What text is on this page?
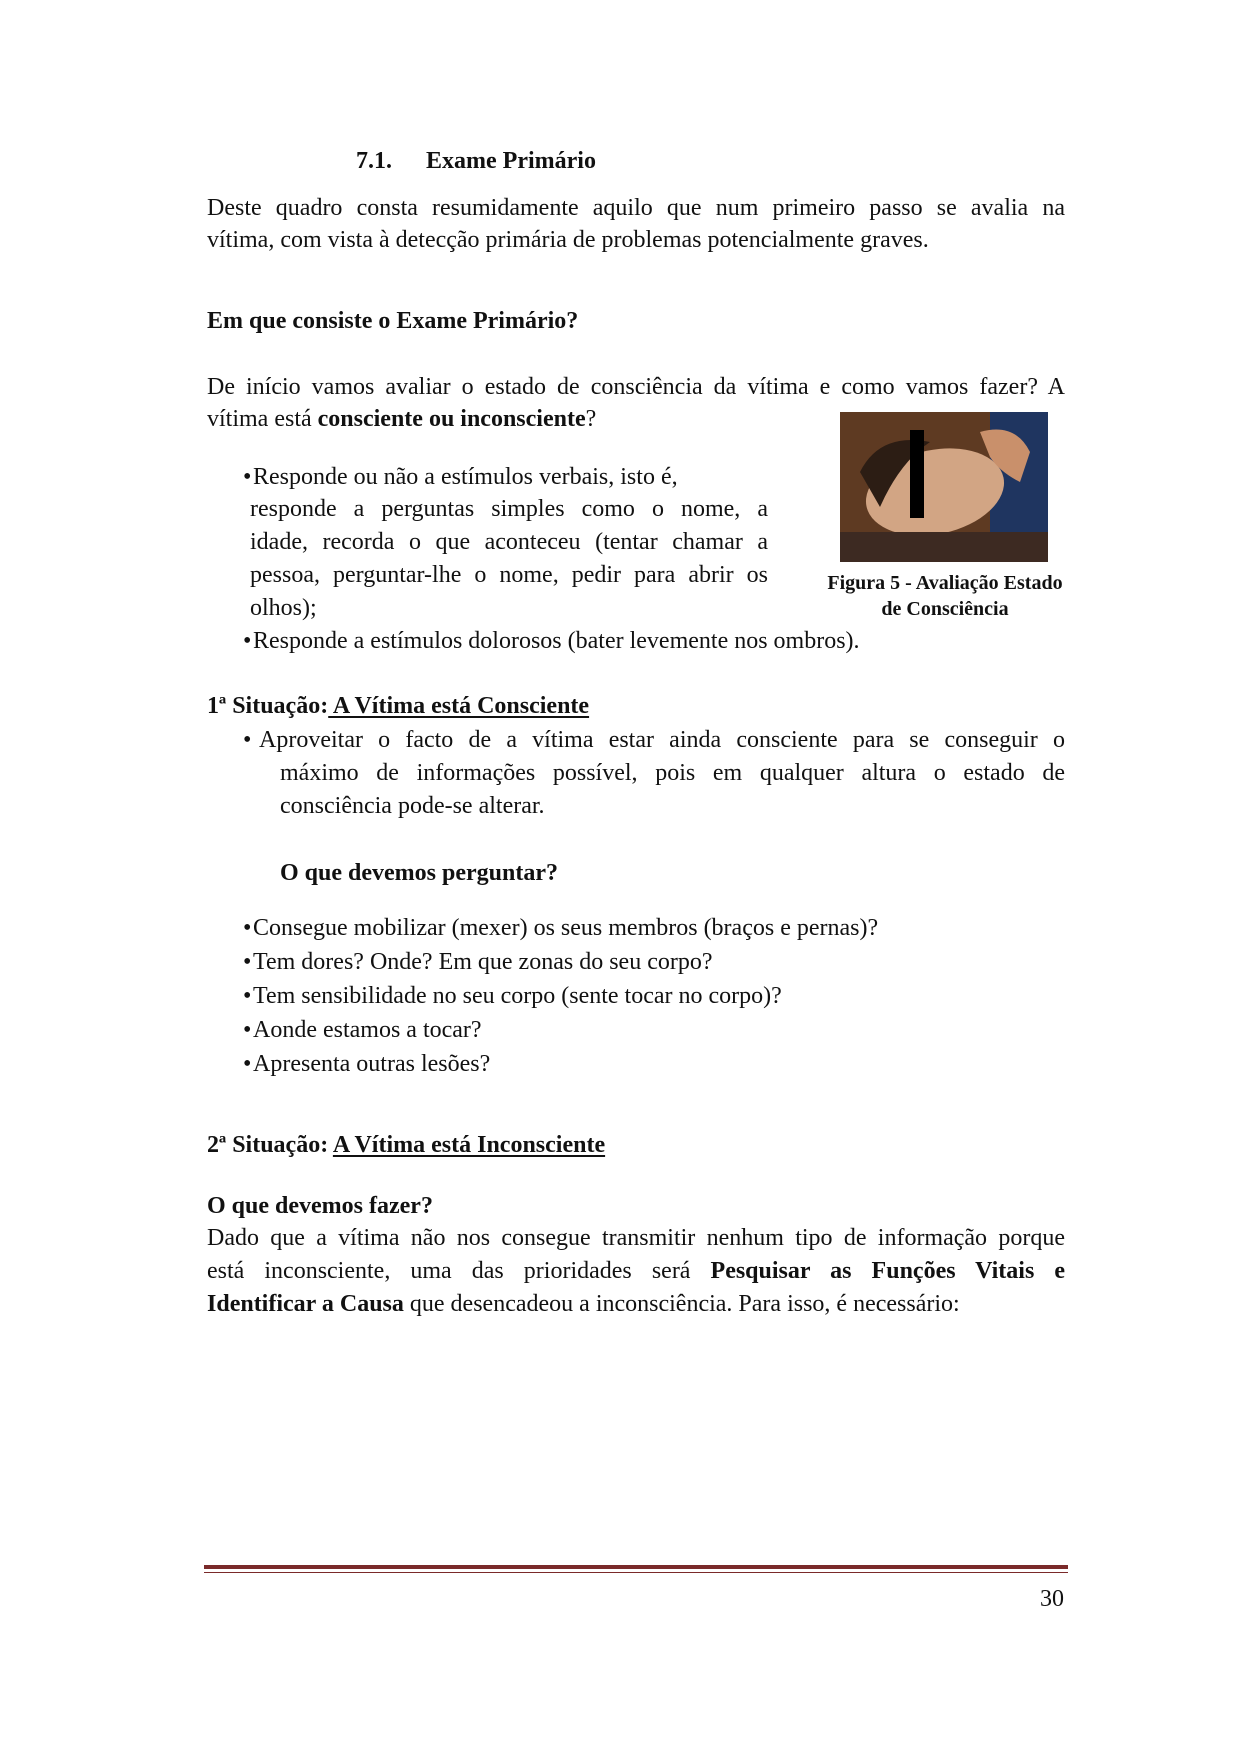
7.1. Exame Primário
Deste quadro consta resumidamente aquilo que num primeiro passo se avalia na
vítima, com vista à detecção primária de problemas potencialmente graves.
Em que consiste o Exame Primário?
De início vamos avaliar o estado de consciência da vítima e como vamos fazer? A
vítima está consciente ou inconsciente?
•Responde ou não a estímulos verbais, isto é,
responde a perguntas simples como o nome, a
idade, recorda o que aconteceu (tentar chamar a
pessoa, perguntar-lhe o nome, pedir para abrir os
olhos);
•Responde a estímulos dolorosos (bater levemente nos ombros).
Figura 5 - Avaliação Estado
de Consciência
1ª Situação: A Vítima está Consciente
• Aproveitar o facto de a vítima estar ainda consciente para se conseguir o
máximo de informações possível, pois em qualquer altura o estado de
consciência pode-se alterar.
O que devemos perguntar?
•Consegue mobilizar (mexer) os seus membros (braços e pernas)?
•Tem dores? Onde? Em que zonas do seu corpo?
•Tem sensibilidade no seu corpo (sente tocar no corpo)?
•Aonde estamos a tocar?
•Apresenta outras lesões?
2ª Situação: A Vítima está Inconsciente
O que devemos fazer?
Dado que a vítima não nos consegue transmitir nenhum tipo de informação porque
está inconsciente, uma das prioridades será Pesquisar as Funções Vitais e
Identificar a Causa que desencadeou a inconsciência. Para isso, é necessário:
30
